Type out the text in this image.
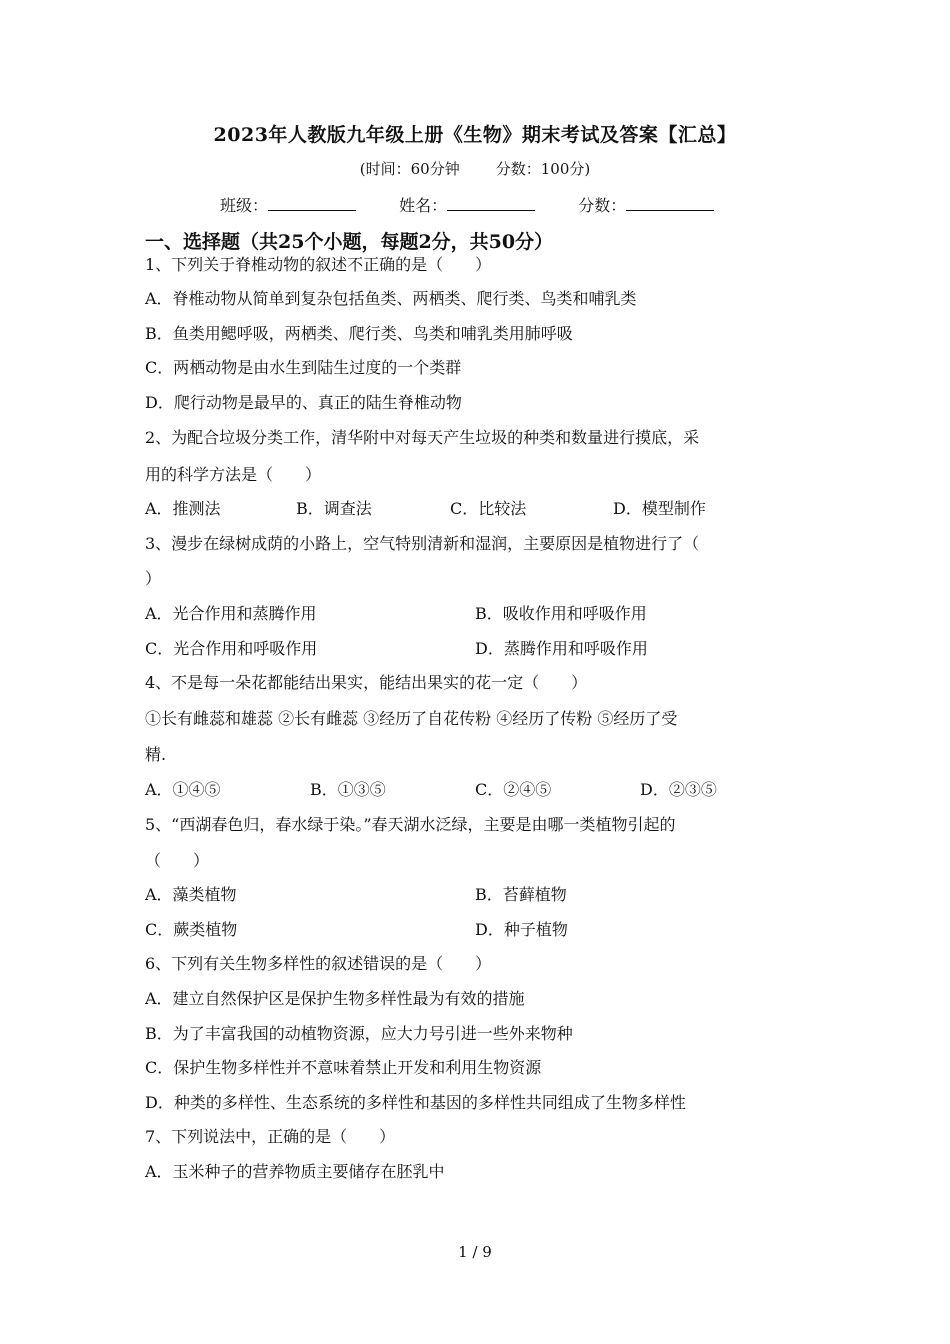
2023年人教版九年级上册《生物》期末考试及答案【汇总】
(时间：60分钟 分数：100分)
班级：	姓名：	分数：
一、选择题（共25个小题，每题2分，共50分）
1、下列关于脊椎动物的叙述不正确的是（　　）
A．脊椎动物从简单到复杂包括鱼类、两栖类、爬行类、鸟类和哺乳类
B．鱼类用鳃呼吸，两栖类、爬行类、鸟类和哺乳类用肺呼吸
C．两栖动物是由水生到陆生过度的一个类群
D．爬行动物是最早的、真正的陆生脊椎动物
2、为配合垃圾分类工作，清华附中对每天产生垃圾的种类和数量进行摸底，采
用的科学方法是（　　）
A．推测法	B．调查法	C．比较法	D．模型制作
3、漫步在绿树成荫的小路上，空气特别清新和湿润，主要原因是植物进行了（
）
A．光合作用和蒸腾作用	B．吸收作用和呼吸作用
C．光合作用和呼吸作用	D．蒸腾作用和呼吸作用
4、不是每一朵花都能结出果实，能结出果实的花一定（　　）
①长有雌蕊和雄蕊 ②长有雌蕊 ③经历了自花传粉 ④经历了传粉 ⑤经历了受
精.
A．①④⑤	B．①③⑤	C．②④⑤	D．②③⑤
5、“西湖春色归，春水绿于染。”春天湖水泛绿，主要是由哪一类植物引起的
（　　）
A．藻类植物	B．苔藓植物
C．蕨类植物	D．种子植物
6、下列有关生物多样性的叙述错误的是（　　）
A．建立自然保护区是保护生物多样性最为有效的措施
B．为了丰富我国的动植物资源，应大力号引进一些外来物种
C．保护生物多样性并不意味着禁止开发和利用生物资源
D．种类的多样性、生态系统的多样性和基因的多样性共同组成了生物多样性
7、下列说法中，正确的是（　　）
A．玉米种子的营养物质主要储存在胚乳中
1 / 9
